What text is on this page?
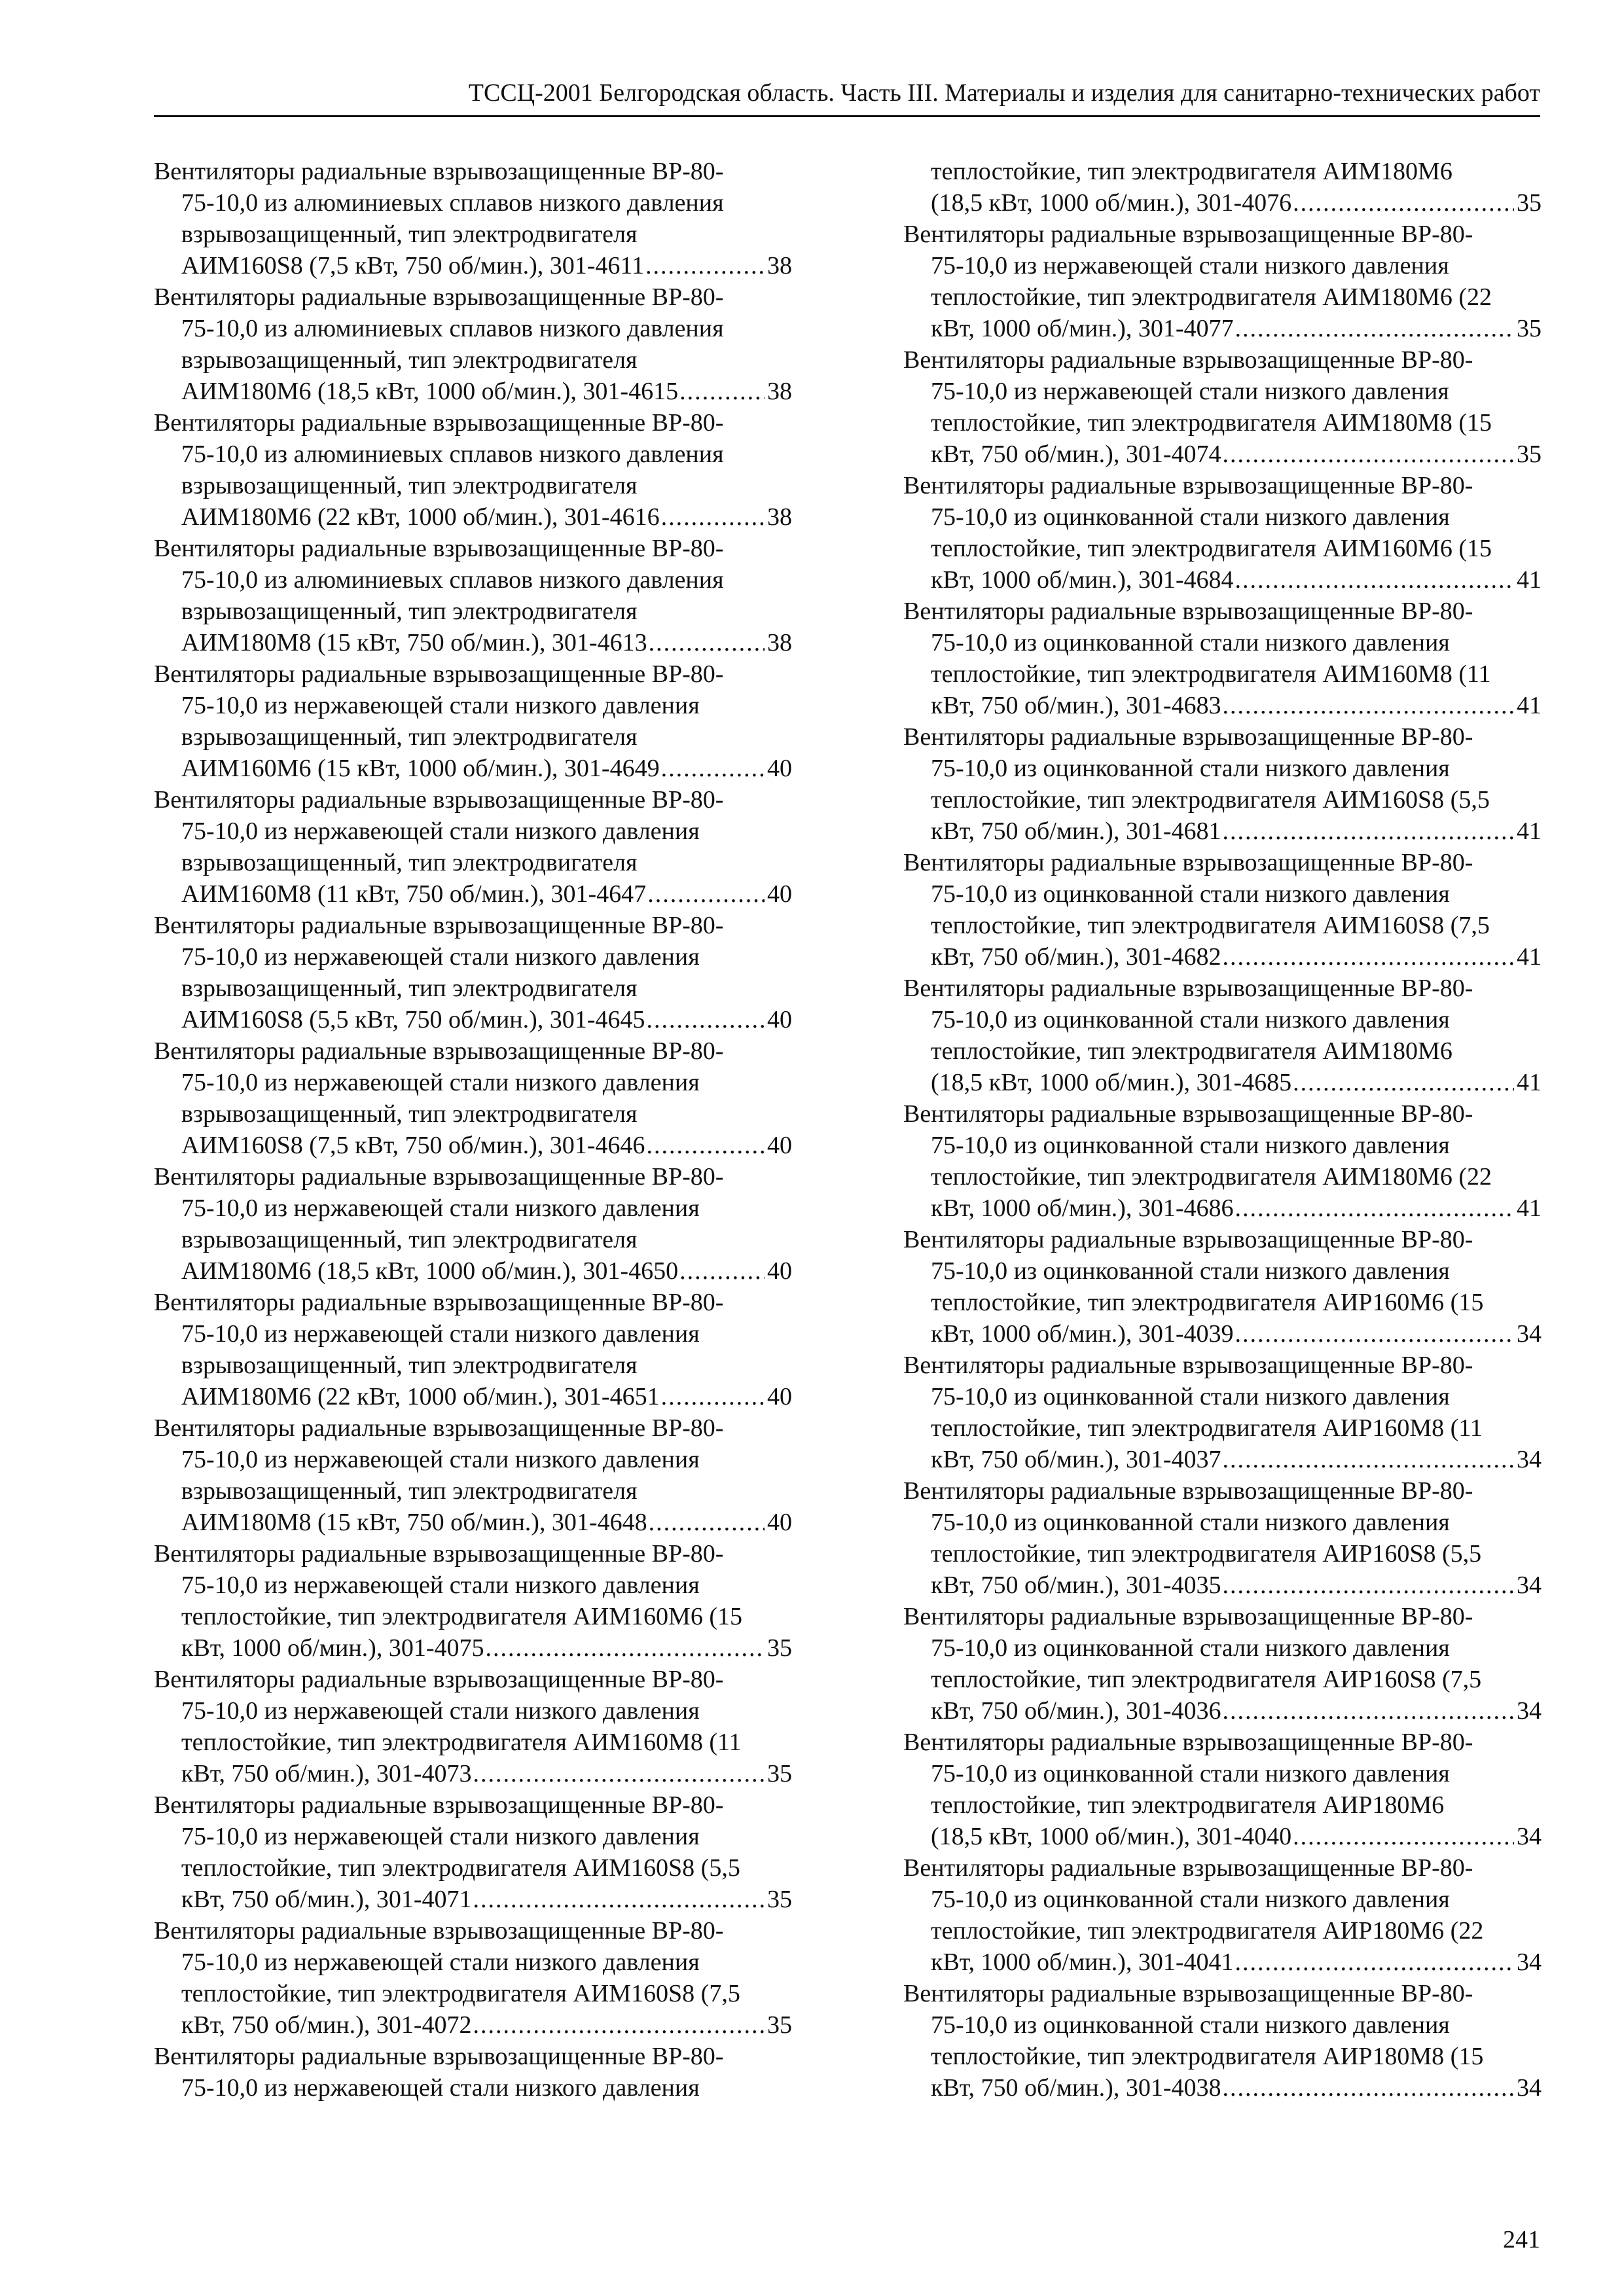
ТССЦ-2001 Белгородская область. Часть III. Материалы и изделия для санитарно-технических работ
Вентиляторы радиальные взрывозащищенные ВР-80-
75-10,0 из алюминиевых сплавов низкого давления
взрывозащищенный, тип электродвигателя
АИМ160S8 (7,5 кВт, 750 об/мин.), 301-4611 .....	38
Вентиляторы радиальные взрывозащищенные ВР-80-
75-10,0 из алюминиевых сплавов низкого давления
взрывозащищенный, тип электродвигателя
АИМ180М6 (18,5 кВт, 1000 об/мин.), 301-4615 .....	38
Вентиляторы радиальные взрывозащищенные ВР-80-
75-10,0 из алюминиевых сплавов низкого давления
взрывозащищенный, тип электродвигателя
АИМ180М6 (22 кВт, 1000 об/мин.), 301-4616 .....	38
Вентиляторы радиальные взрывозащищенные ВР-80-
75-10,0 из алюминиевых сплавов низкого давления
взрывозащищенный, тип электродвигателя
АИМ180М8 (15 кВт, 750 об/мин.), 301-4613 .....	38
Вентиляторы радиальные взрывозащищенные ВР-80-
75-10,0 из нержавеющей стали низкого давления
взрывозащищенный, тип электродвигателя
АИМ160М6 (15 кВт, 1000 об/мин.), 301-4649 .....	40
Вентиляторы радиальные взрывозащищенные ВР-80-
75-10,0 из нержавеющей стали низкого давления
взрывозащищенный, тип электродвигателя
АИМ160М8 (11 кВт, 750 об/мин.), 301-4647 .....	40
Вентиляторы радиальные взрывозащищенные ВР-80-
75-10,0 из нержавеющей стали низкого давления
взрывозащищенный, тип электродвигателя
АИМ160S8 (5,5 кВт, 750 об/мин.), 301-4645 .....	40
Вентиляторы радиальные взрывозащищенные ВР-80-
75-10,0 из нержавеющей стали низкого давления
взрывозащищенный, тип электродвигателя
АИМ160S8 (7,5 кВт, 750 об/мин.), 301-4646 .....	40
Вентиляторы радиальные взрывозащищенные ВР-80-
75-10,0 из нержавеющей стали низкого давления
взрывозащищенный, тип электродвигателя
АИМ180М6 (18,5 кВт, 1000 об/мин.), 301-4650 .....	40
Вентиляторы радиальные взрывозащищенные ВР-80-
75-10,0 из нержавеющей стали низкого давления
взрывозащищенный, тип электродвигателя
АИМ180М6 (22 кВт, 1000 об/мин.), 301-4651 .....	40
Вентиляторы радиальные взрывозащищенные ВР-80-
75-10,0 из нержавеющей стали низкого давления
взрывозащищенный, тип электродвигателя
АИМ180М8 (15 кВт, 750 об/мин.), 301-4648 .....	40
Вентиляторы радиальные взрывозащищенные ВР-80-
75-10,0 из нержавеющей стали низкого давления
теплостойкие, тип электродвигателя АИМ160М6 (15
кВт, 1000 об/мин.), 301-4075 .....	35
Вентиляторы радиальные взрывозащищенные ВР-80-
75-10,0 из нержавеющей стали низкого давления
теплостойкие, тип электродвигателя АИМ160М8 (11
кВт, 750 об/мин.), 301-4073 .....	35
Вентиляторы радиальные взрывозащищенные ВР-80-
75-10,0 из нержавеющей стали низкого давления
теплостойкие, тип электродвигателя АИМ160S8 (5,5
кВт, 750 об/мин.), 301-4071 .....	35
Вентиляторы радиальные взрывозащищенные ВР-80-
75-10,0 из нержавеющей стали низкого давления
теплостойкие, тип электродвигателя АИМ160S8 (7,5
кВт, 750 об/мин.), 301-4072 .....	35
Вентиляторы радиальные взрывозащищенные ВР-80-
75-10,0 из нержавеющей стали низкого давления
теплостойкие, тип электродвигателя АИМ180М6
(18,5 кВт, 1000 об/мин.), 301-4076 .....	35
Вентиляторы радиальные взрывозащищенные ВР-80-
75-10,0 из нержавеющей стали низкого давления
теплостойкие, тип электродвигателя АИМ180М6 (22
кВт, 1000 об/мин.), 301-4077 .....	35
Вентиляторы радиальные взрывозащищенные ВР-80-
75-10,0 из нержавеющей стали низкого давления
теплостойкие, тип электродвигателя АИМ180М8 (15
кВт, 750 об/мин.), 301-4074 .....	35
Вентиляторы радиальные взрывозащищенные ВР-80-
75-10,0 из оцинкованной стали низкого давления
теплостойкие, тип электродвигателя АИМ160М6 (15
кВт, 1000 об/мин.), 301-4684 .....	41
Вентиляторы радиальные взрывозащищенные ВР-80-
75-10,0 из оцинкованной стали низкого давления
теплостойкие, тип электродвигателя АИМ160М8 (11
кВт, 750 об/мин.), 301-4683 .....	41
Вентиляторы радиальные взрывозащищенные ВР-80-
75-10,0 из оцинкованной стали низкого давления
теплостойкие, тип электродвигателя АИМ160S8 (5,5
кВт, 750 об/мин.), 301-4681 .....	41
Вентиляторы радиальные взрывозащищенные ВР-80-
75-10,0 из оцинкованной стали низкого давления
теплостойкие, тип электродвигателя АИМ160S8 (7,5
кВт, 750 об/мин.), 301-4682 .....	41
Вентиляторы радиальные взрывозащищенные ВР-80-
75-10,0 из оцинкованной стали низкого давления
теплостойкие, тип электродвигателя АИМ180М6
(18,5 кВт, 1000 об/мин.), 301-4685 .....	41
Вентиляторы радиальные взрывозащищенные ВР-80-
75-10,0 из оцинкованной стали низкого давления
теплостойкие, тип электродвигателя АИМ180М6 (22
кВт, 1000 об/мин.), 301-4686 .....	41
Вентиляторы радиальные взрывозащищенные ВР-80-
75-10,0 из оцинкованной стали низкого давления
теплостойкие, тип электродвигателя АИР160М6 (15
кВт, 1000 об/мин.), 301-4039 .....	34
Вентиляторы радиальные взрывозащищенные ВР-80-
75-10,0 из оцинкованной стали низкого давления
теплостойкие, тип электродвигателя АИР160М8 (11
кВт, 750 об/мин.), 301-4037 .....	34
Вентиляторы радиальные взрывозащищенные ВР-80-
75-10,0 из оцинкованной стали низкого давления
теплостойкие, тип электродвигателя АИР160S8 (5,5
кВт, 750 об/мин.), 301-4035 .....	34
Вентиляторы радиальные взрывозащищенные ВР-80-
75-10,0 из оцинкованной стали низкого давления
теплостойкие, тип электродвигателя АИР160S8 (7,5
кВт, 750 об/мин.), 301-4036 .....	34
Вентиляторы радиальные взрывозащищенные ВР-80-
75-10,0 из оцинкованной стали низкого давления
теплостойкие, тип электродвигателя АИР180М6
(18,5 кВт, 1000 об/мин.), 301-4040 .....	34
Вентиляторы радиальные взрывозащищенные ВР-80-
75-10,0 из оцинкованной стали низкого давления
теплостойкие, тип электродвигателя АИР180М6 (22
кВт, 1000 об/мин.), 301-4041 .....	34
Вентиляторы радиальные взрывозащищенные ВР-80-
75-10,0 из оцинкованной стали низкого давления
теплостойкие, тип электродвигателя АИР180М8 (15
кВт, 750 об/мин.), 301-4038 .....	34
241
